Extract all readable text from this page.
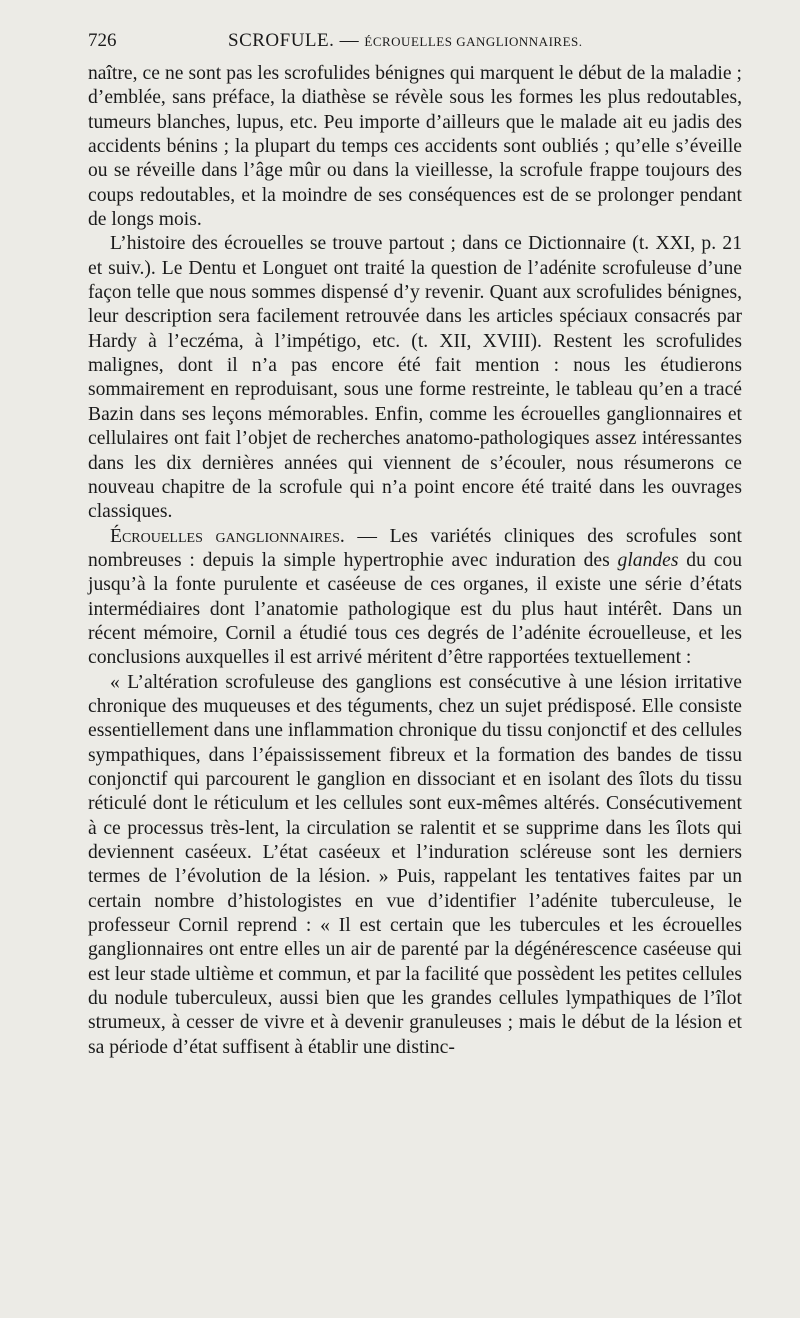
726	SCROFULE. — ÉCROUELLES GANGLIONNAIRES.

naître, ce ne sont pas les scrofulides bénignes qui marquent le début de la maladie ; d’emblée, sans préface, la diathèse se révèle sous les formes les plus redoutables, tumeurs blanches, lupus, etc. Peu importe d’ailleurs que le malade ait eu jadis des accidents bénins ; la plupart du temps ces accidents sont oubliés ; qu’elle s’éveille ou se réveille dans l’âge mûr ou dans la vieillesse, la scrofule frappe toujours des coups redoutables, et la moindre de ses conséquences est de se prolonger pendant de longs mois.

L’histoire des écrouelles se trouve partout ; dans ce Dictionnaire (t. XXI, p. 21 et suiv.). Le Dentu et Longuet ont traité la question de l’adénite scrofuleuse d’une façon telle que nous sommes dispensé d’y revenir. Quant aux scrofulides bénignes, leur description sera facilement retrouvée dans les articles spéciaux consacrés par Hardy à l’eczéma, à l’impétigo, etc. (t. XII, XVIII). Restent les scrofulides malignes, dont il n’a pas encore été fait mention : nous les étudierons sommairement en reproduisant, sous une forme restreinte, le tableau qu’en a tracé Bazin dans ses leçons mémorables. Enfin, comme les écrouelles ganglionnaires et cellulaires ont fait l’objet de recherches anatomo-pathologiques assez intéressantes dans les dix dernières années qui viennent de s’écouler, nous résumerons ce nouveau chapitre de la scrofule qui n’a point encore été traité dans les ouvrages classiques.

Écrouelles ganglionnaires. — Les variétés cliniques des scrofules sont nombreuses : depuis la simple hypertrophie avec induration des glandes du cou jusqu’à la fonte purulente et caséeuse de ces organes, il existe une série d’états intermédiaires dont l’anatomie pathologique est du plus haut intérêt. Dans un récent mémoire, Cornil a étudié tous ces degrés de l’adénite écrouelleuse, et les conclusions auxquelles il est arrivé méritent d’être rapportées textuellement :

« L’altération scrofuleuse des ganglions est consécutive à une lésion irritative chronique des muqueuses et des téguments, chez un sujet prédisposé. Elle consiste essentiellement dans une inflammation chronique du tissu conjonctif et des cellules sympathiques, dans l’épaississement fibreux et la formation des bandes de tissu conjonctif qui parcourent le ganglion en dissociant et en isolant des îlots du tissu réticulé dont le réticulum et les cellules sont eux-mêmes altérés. Consécutivement à ce processus très-lent, la circulation se ralentit et se supprime dans les îlots qui deviennent caséeux. L’état caséeux et l’induration scléreuse sont les derniers termes de l’évolution de la lésion. » Puis, rappelant les tentatives faites par un certain nombre d’histologistes en vue d’identifier l’adénite tuberculeuse, le professeur Cornil reprend : « Il est certain que les tubercules et les écrouelles ganglionnaires ont entre elles un air de parenté par la dégénérescence caséeuse qui est leur stade ultième et commun, et par la facilité que possèdent les petites cellules du nodule tuberculeux, aussi bien que les grandes cellules lympathiques de l’îlot strumeux, à cesser de vivre et à devenir granuleuses ; mais le début de la lésion et sa période d’état suffisent à établir une distinc-
